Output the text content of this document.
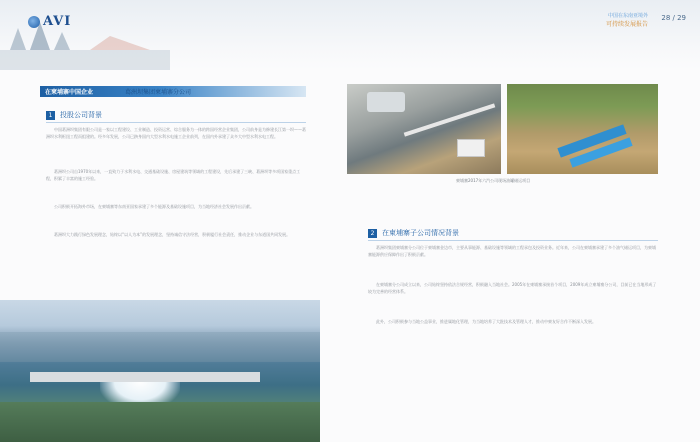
AVI	中国在东南亚境外
可持续发展报告
28 / 29
在柬埔寨中国企业	葛洲坝集团柬埔寨分公司
1	投股公司背景

中国葛洲坝集团有限公司是一家以工程建设、工业制造、投资运营、综合服务为一体的跨国经营企业集团，公司前身是为修建长江第一坝——葛洲坝水利枢纽工程而组建的。经多年发展，公司已跻身国内大型水利水电施工企业前列，在国内外承建了众多大中型水利水电工程。

葛洲坝公司自1970年以来，一直致力于水利水电、交通基础设施、房屋建筑等领域的工程建设，先后承建了三峡、葛洲坝等多项国家重点工程，积累了丰富的施工经验。

公司积极开拓海外市场，在柬埔寨等东南亚国家承建了多个能源及基础设施项目，为当地经济社会发展作出贡献。

葛洲坝大力践行绿色发展理念，始终以“以人为本”的发展理念，坚持诚信守法经营，积极履行社会责任，推动企业与东道国共同发展。

柬埔寨2017年六汽公司现场油罐储运项目
2	在柬埔寨子公司情况背景

葛洲坝集团柬埔寨分公司位于柬埔寨金边市，主要从事能源、基础设施等领域的工程承包及投资业务。近年来，公司在柬埔寨承建了多个油气储运项目，为柬埔寨能源供应保障作出了积极贡献。

在柬埔寨分公司成立以来，公司始终坚持依法合规经营，积极融入当地社会。2005年在柬埔寨承接首个项目，2009年成立柬埔寨分公司，目前已在当地形成了较为完善的经营体系。

此外，公司积极参与当地公益事业，推进属地化管理，为当地培养了大批技术及管理人才，推动中柬友好合作不断深入发展。
